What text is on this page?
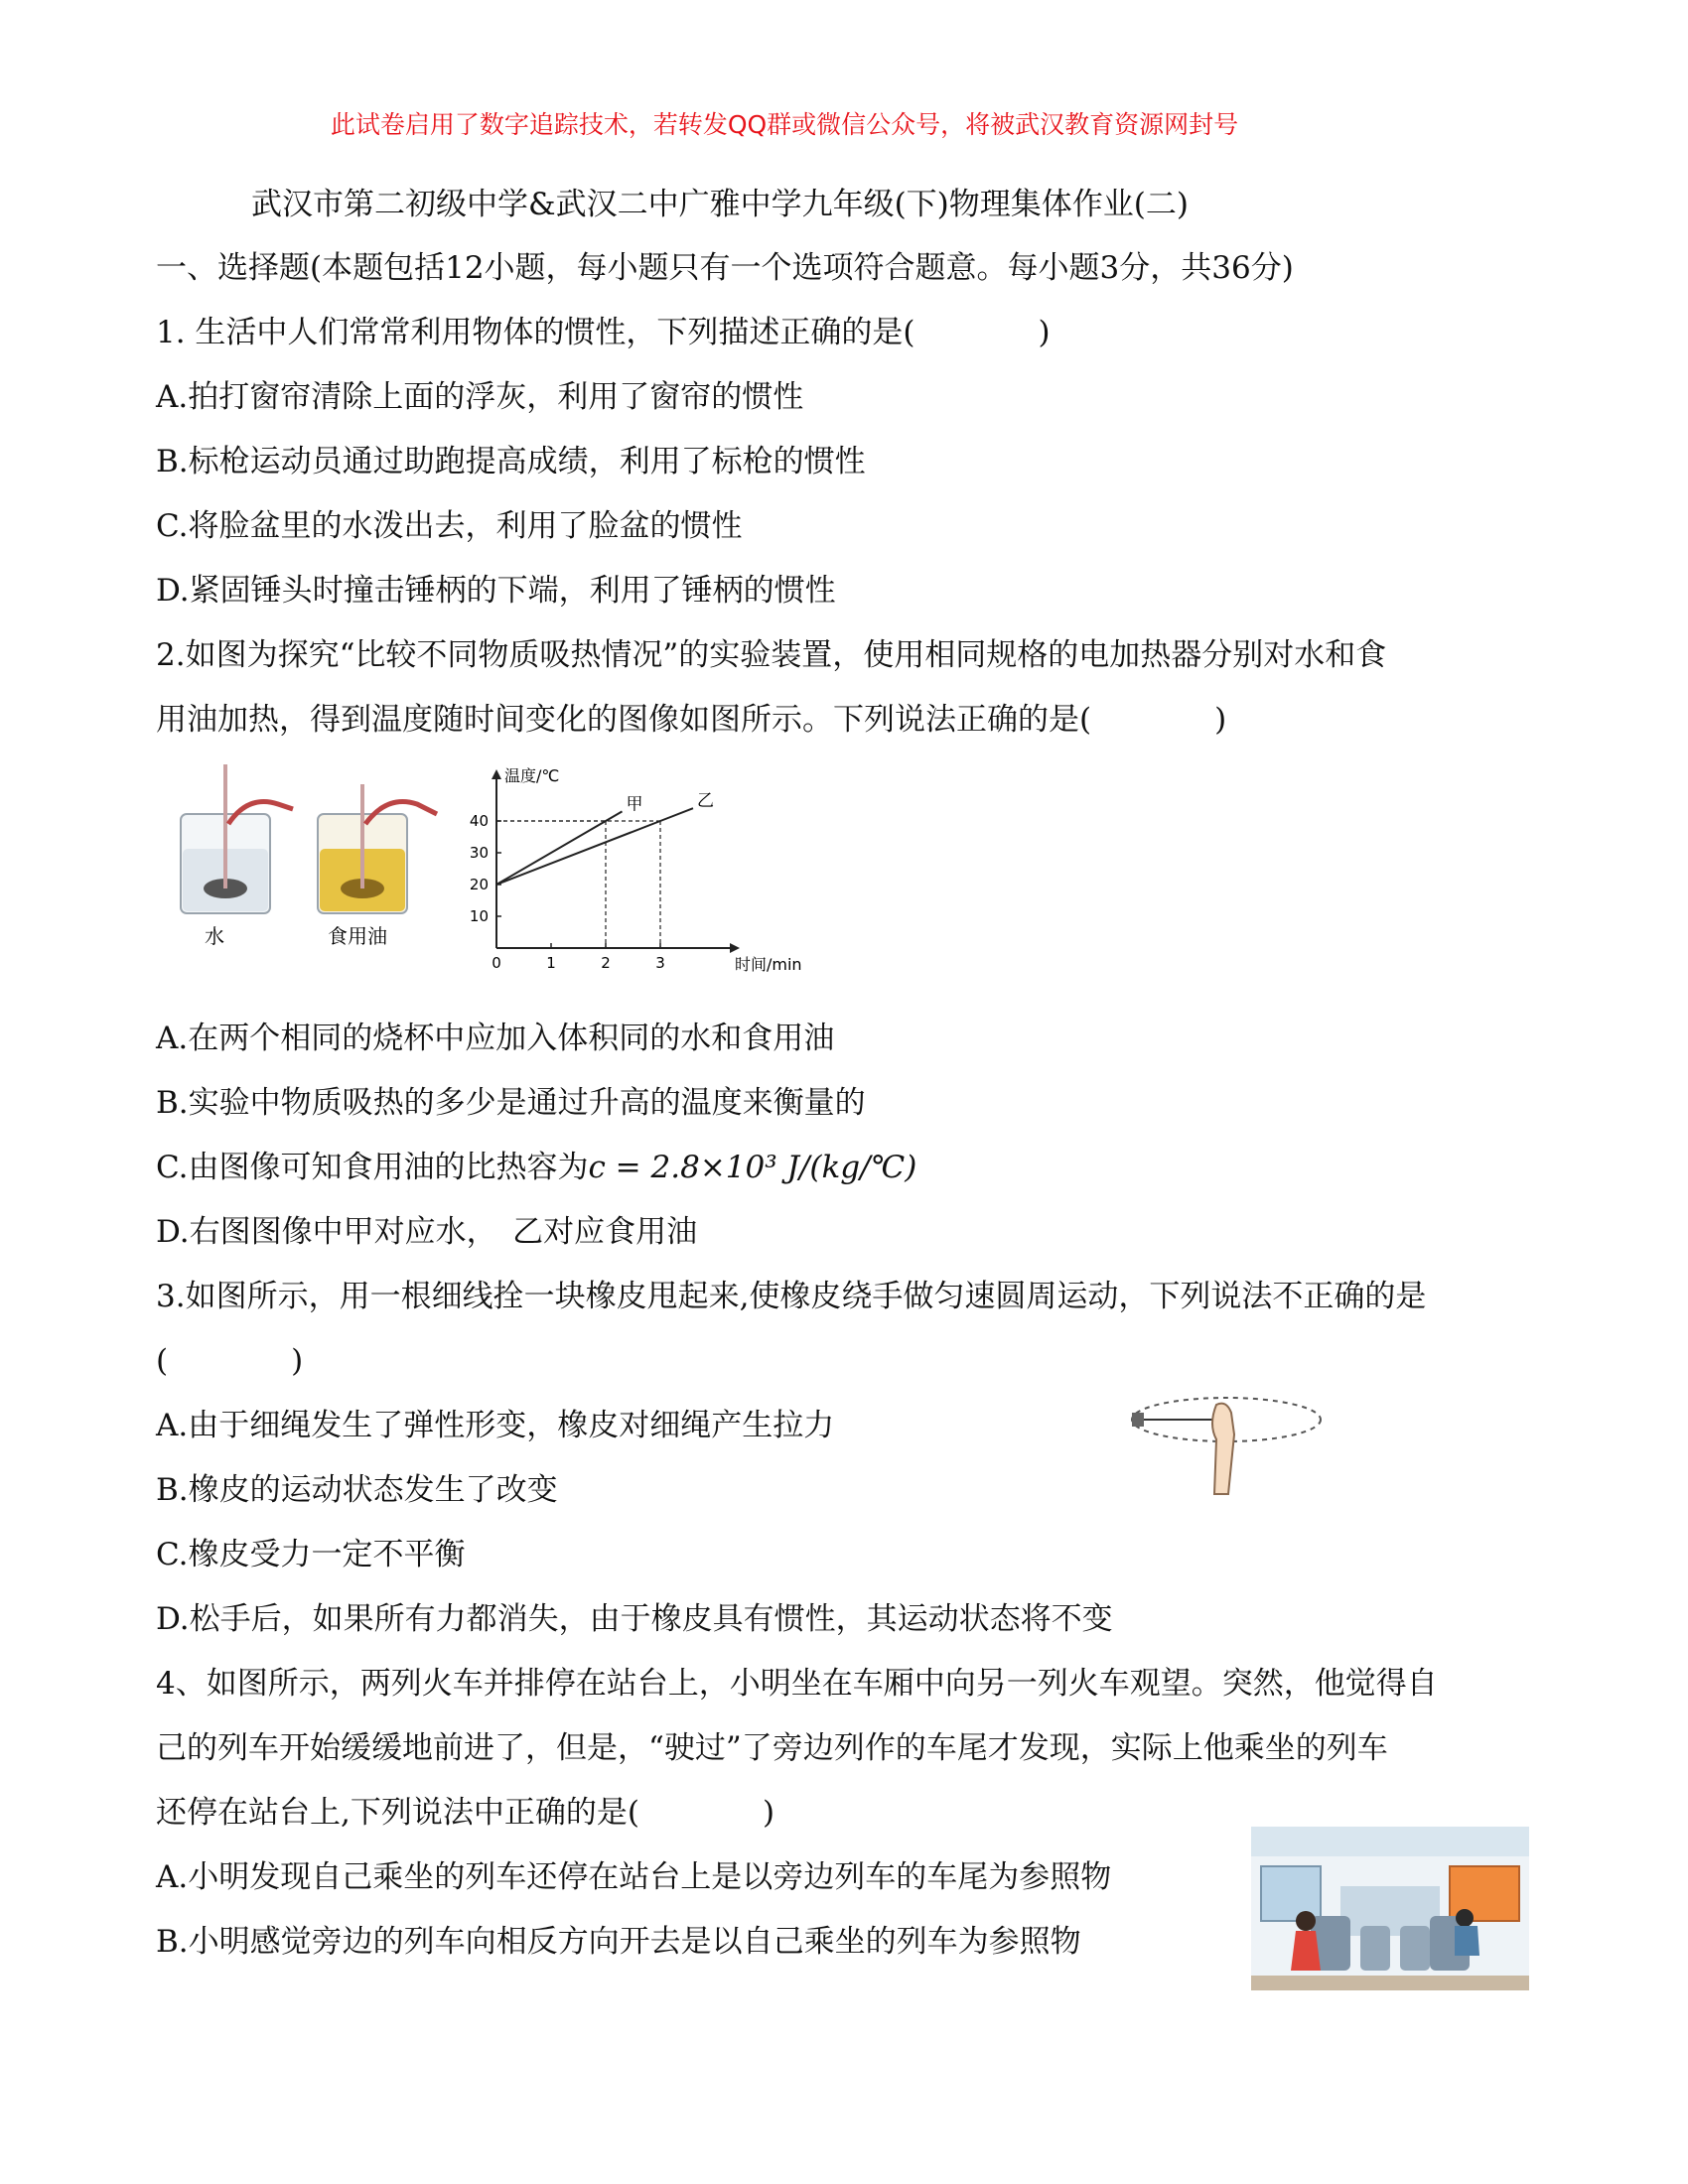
此试卷启用了数字追踪技术，若转发QQ群或微信公众号，将被武汉教育资源网封号
武汉市第二初级中学&武汉二中广雅中学九年级(下)物理集体作业(二)
一、选择题(本题包括12小题，每小题只有一个选项符合题意。每小题3分，共36分)
1. 生活中人们常常利用物体的惯性，下列描述正确的是(　　　　)
A.拍打窗帘清除上面的浮灰，利用了窗帘的惯性
B.标枪运动员通过助跑提高成绩，利用了标枪的惯性
C.将脸盆里的水泼出去，利用了脸盆的惯性
D.紧固锤头时撞击锤柄的下端，利用了锤柄的惯性
2.如图为探究“比较不同物质吸热情况”的实验装置，使用相同规格的电加热器分别对水和食
用油加热，得到温度随时间变化的图像如图所示。下列说法正确的是(　　　　)
水	食用油
0	1	2	3
10
20
30
40
温度/℃
时间/min
甲	乙
A.在两个相同的烧杯中应加入体积同的水和食用油
B.实验中物质吸热的多少是通过升高的温度来衡量的
C.由图像可知食用油的比热容为c = 2.8×10³ J/(kg/℃)
D.右图图像中甲对应水，　乙对应食用油
3.如图所示，用一根细线拴一块橡皮甩起来,使橡皮绕手做匀速圆周运动，下列说法不正确的是
(　　　　)
A.由于细绳发生了弹性形变，橡皮对细绳产生拉力
B.橡皮的运动状态发生了改变
C.橡皮受力一定不平衡
D.松手后，如果所有力都消失，由于橡皮具有惯性，其运动状态将不变
4、如图所示，两列火车并排停在站台上，小明坐在车厢中向另一列火车观望。突然，他觉得自
己的列车开始缓缓地前进了，但是，“驶过”了旁边列作的车尾才发现，实际上他乘坐的列车
还停在站台上,下列说法中正确的是(　　　　)
A.小明发现自己乘坐的列车还停在站台上是以旁边列车的车尾为参照物
B.小明感觉旁边的列车向相反方向开去是以自己乘坐的列车为参照物
